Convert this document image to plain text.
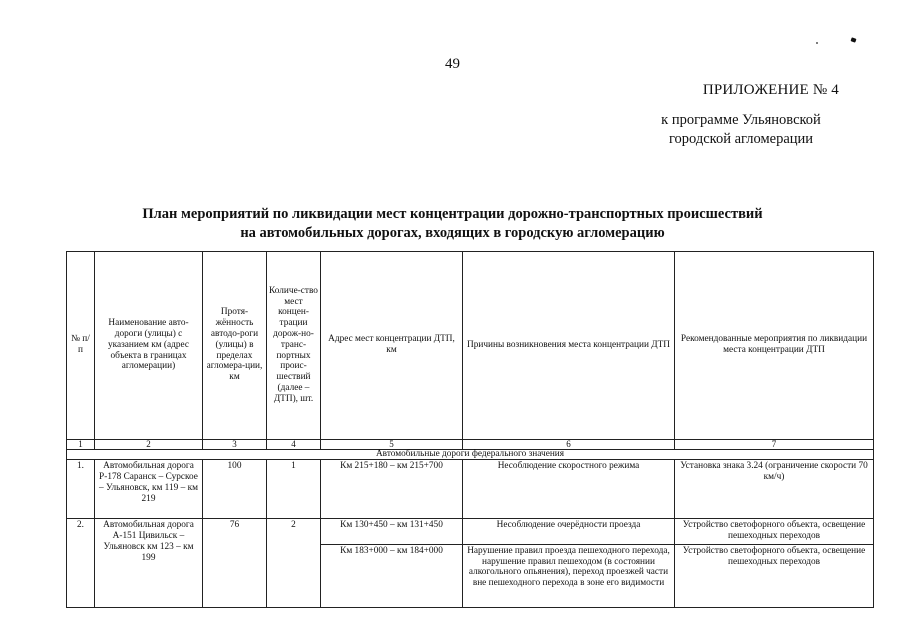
49
ПРИЛОЖЕНИЕ № 4
к программе Ульяновской
городской агломерации
План мероприятий по ликвидации мест концентрации дорожно-транспортных происшествий
на автомобильных дорогах, входящих в городскую агломерацию
№ п/п	Наименование авто-дороги (улицы) с указанием км (адрес объекта в границах агломерации)	Протя-жённость автодо-роги (улицы) в пределах агломера-ции, км	Количе-ство мест концен-трации дорож-но-транс-портных проис-шествий (далее – ДТП), шт.	Адрес мест концентрации ДТП, км	Причины возникновения места концентрации ДТП	Рекомендованные мероприятия по ликвидации места концентрации ДТП
1	2	3	4	5	6	7
Автомобильные дороги федерального значения						
1.	Автомобильная дорога Р-178 Саранск – Сурское – Ульяновск, км 119 – км 219	100	1	Км 215+180 – км 215+700	Несоблюдение скоростного режима	Установка знака 3.24 (ограничение скорости 70 км/ч)
2.	Автомобильная дорога А-151 Цивильск – Ульяновск км 123 – км 199	76	2	Км 130+450 – км 131+450	Несоблюдение очерёдности проезда	Устройство светофорного объекта, освещение пешеходных переходов
				Км 183+000 – км 184+000	Нарушение правил проезда пешеходного перехода, нарушение правил пешеходом (в состоянии алкогольного опьянения), переход проезжей части вне пешеходного перехода в зоне его видимости	Устройство светофорного объекта, освещение пешеходных переходов
